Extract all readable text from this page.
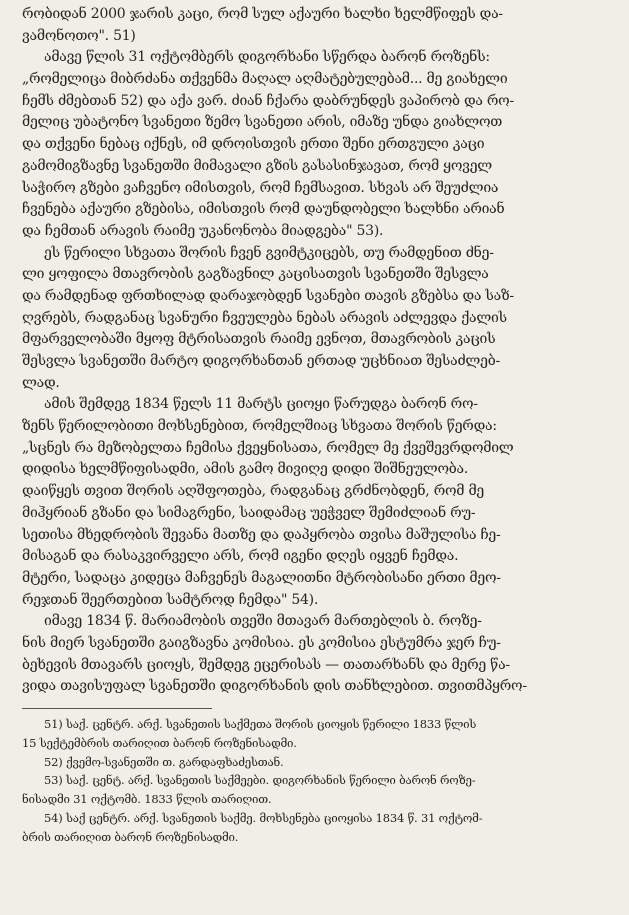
რობიდან 2000 ჯარის კაცი, რომ სულ აქაური ხალხი ხელმწიფეს და-
ვამონოთო". 51)
ამავე წლის 31 ოქტომბერს დიგორხანი სწერდა ბარონ როზენს:
„რომელიცა მიბრძანა თქვენმა მაღალ აღმატებულებამ... მე გიახელი
ჩემს ძმებთან 52) და აქა ვარ. ძიან ჩქარა დაბრუნდეს ვაპირობ და რო-
მელიც უბატონო სვანეთი ზემო სვანეთი არის, იმაზე უნდა გიახლოთ
და თქვენი ნებაც იქნეს, იმ დროისთვის ერთი შენი ერთგული კაცი
გამომიგზავნე სვანეთში მიმავალი გზის გასასინჯავათ, რომ ყოველ
საჭირო გზები ვაჩვენო იმისთვის, რომ ჩემსავით. სხვას არ შეუძლია
ჩვენება აქაური გზებისა, იმისთვის რომ დაუნდობელი ხალხნი არიან
და ჩემთან არავის რაიმე უკანონობა მიადგება" 53).
ეს წერილი სხვათა შორის ჩვენ გვიმტკიცებს, თუ რამდენით ძნე-
ლი ყოფილა მთავრობის გაგზავნილ კაცისათვის სვანეთში შესვლა
და რამდენად ფრთხილად დარაჯობდენ სვანები თავის გზებსა და საზ-
ღვრებს, რადგანაც სვანური ჩვეულება ნებას არავის აძლევდა ქალის
მფარველობაში მყოფ მტრისათვის რაიმე ევნოთ, მთავრობის კაცის
შესვლა სვანეთში მარტო დიგორხანთან ერთად უცხნიათ შესაძლებ-
ლად.
ამის შემდეგ 1834 წელს 11 მარტს ციოყი წარუდგა ბარონ რო-
ზენს წერილობითი მოხსენებით, რომელშიაც სხვათა შორის წერდა:
„სცნეს რა მეზობელთა ჩემისა ქვეყნისათა, რომელ მე ქვეშევრდომილ
დიდისა ხელმწიფისადმი, ამის გამო მივიღე დიდი შიშნეულობა.
დაიწყეს თვით შორის აღშფოთება, რადგანაც გრძნობდენ, რომ მე
მიჰყრიან გზანი და სიმაგრენი, საიდამაც უეჭველ შემიძლიან რუ-
სეთისა მხედრობის შევანა მათზე და დაპყრობა თვისა მაშულისა ჩე-
მისაგან და რასაკვირველი არს, რომ იგენი დღეს იყვენ ჩემდა.
მტერი, სადაცა კიდეცა მაჩვენეს მაგალითნი მტრობისანი ერთი მეო-
რეჯთან შეერთებით სამტროდ ჩემდა" 54).
იმავე 1834 წ. მარიამობის თვეში მთავარ მართებლის ბ. როზე-
ნის მიერ სვანეთში გაიგზავნა კომისია. ეს კომისია ესტუმრა ჯერ ჩუ-
ბეხევის მთავარს ციოყს, შემდეგ ეცერისას — თათარხანს და მერე წა-
ვიდა თავისუფალ სვანეთში დიგორხანის დის თანხლებით. თვითმპყრო-
51) საქ. ცენტრ. არქ. სვანეთის საქმეთა შორის ციოყის წერილი 1833 წლის
15 სექტემბრის თარიღით ბარონ როზენისადმი.
52) ქვემო-სვანეთში თ. გარდაფხაძესთან.
53) საქ. ცენტ. არქ. სვანეთის საქმეები. დიგორხანის წერილი ბარონ როზე-
ნისადმი 31 ოქტომბ. 1833 წლის თარიღით.
54) საქ ცენტრ. არქ. სვანეთის საქმე. მოხსენება ციოყისა 1834 წ. 31 ოქტომ-
ბრის თარიღით ბარონ როზენისადმი.
